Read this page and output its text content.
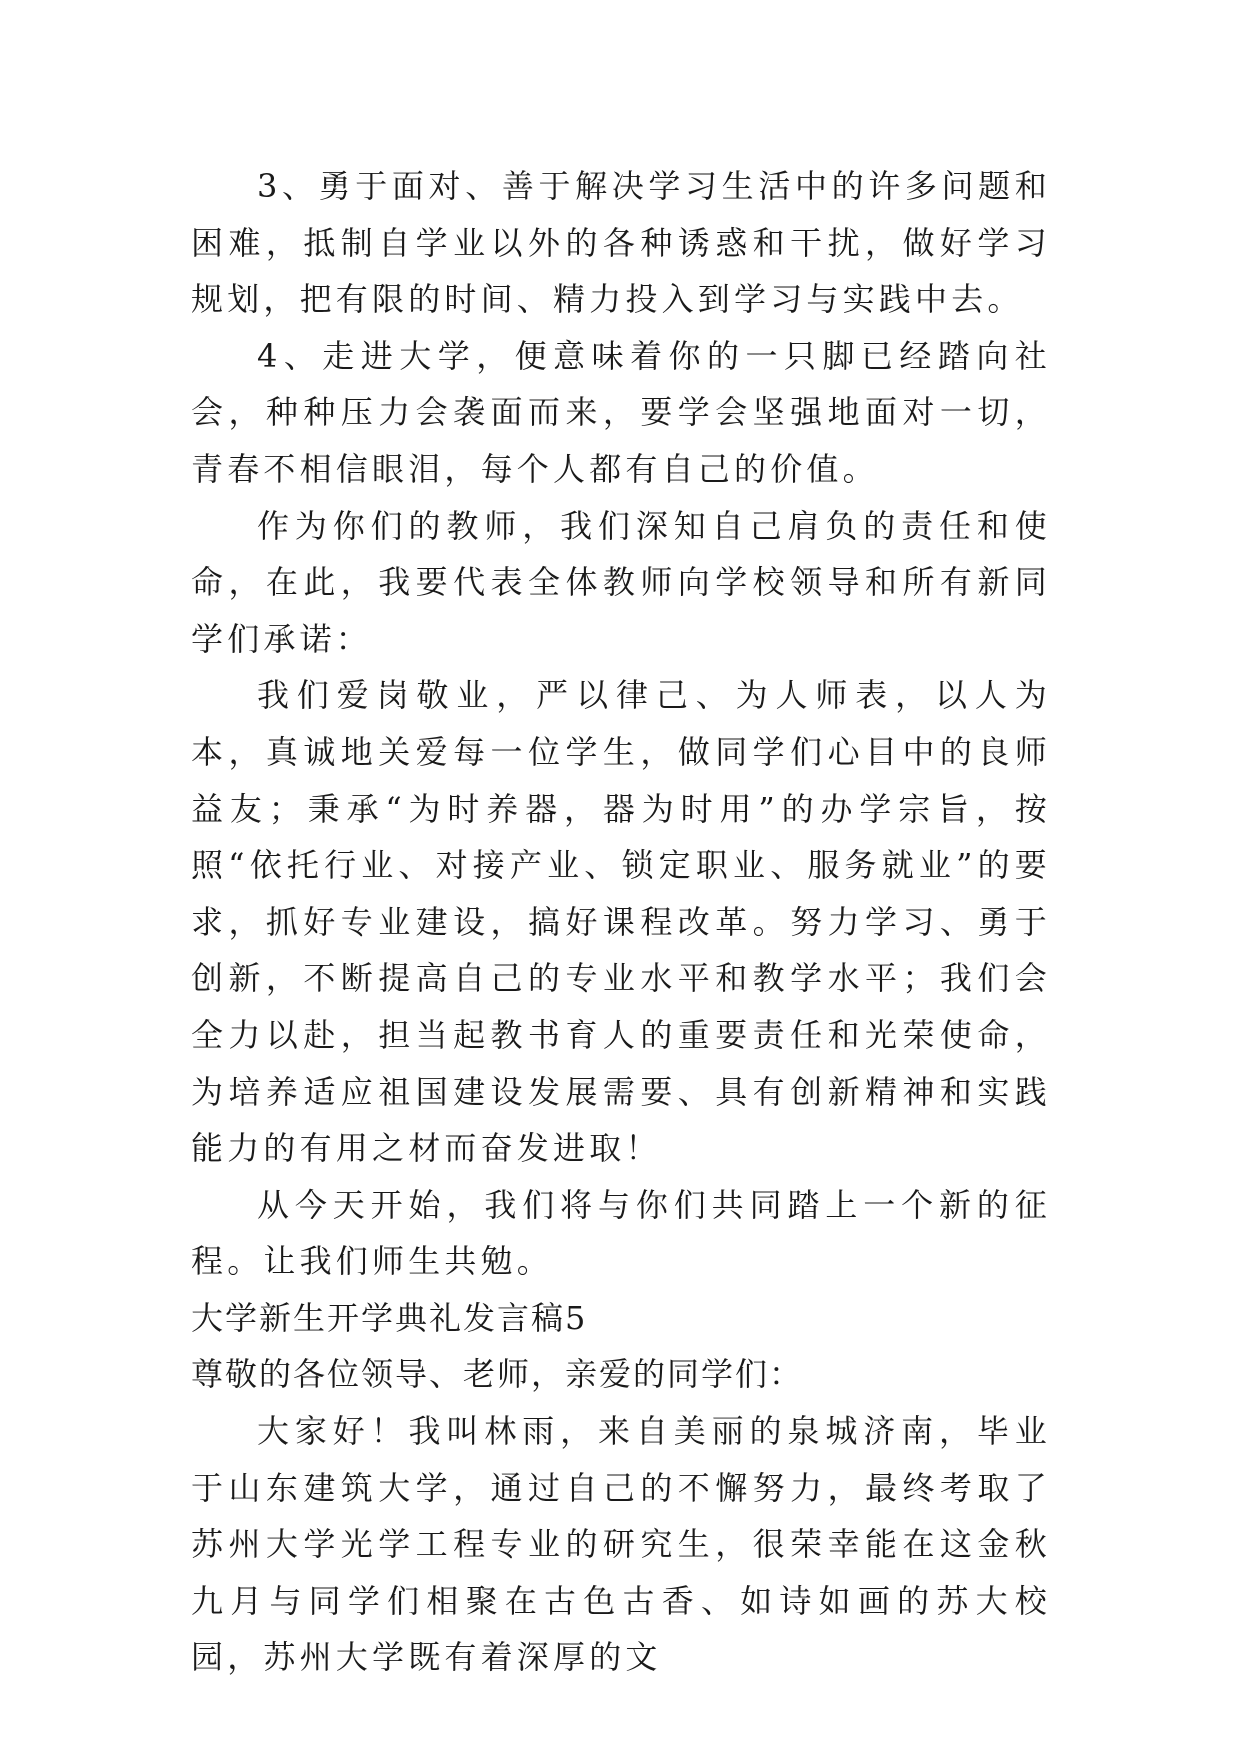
3、勇于面对、善于解决学习生活中的许多问题和困难，抵制自学业以外的各种诱惑和干扰，做好学习规划，把有限的时间、精力投入到学习与实践中去。

4、走进大学，便意味着你的一只脚已经踏向社会，种种压力会袭面而来，要学会坚强地面对一切，青春不相信眼泪，每个人都有自己的价值。

作为你们的教师，我们深知自己肩负的责任和使命，在此，我要代表全体教师向学校领导和所有新同学们承诺：

我们爱岗敬业，严以律己、为人师表，以人为本，真诚地关爱每一位学生，做同学们心目中的良师益友；秉承“为时养器，器为时用”的办学宗旨，按照“依托行业、对接产业、锁定职业、服务就业”的要求，抓好专业建设，搞好课程改革。努力学习、勇于创新，不断提高自己的专业水平和教学水平；我们会全力以赴，担当起教书育人的重要责任和光荣使命，为培养适应祖国建设发展需要、具有创新精神和实践能力的有用之材而奋发进取！

从今天开始，我们将与你们共同踏上一个新的征程。让我们师生共勉。

大学新生开学典礼发言稿5

尊敬的各位领导、老师，亲爱的同学们：

大家好！我叫林雨，来自美丽的泉城济南，毕业于山东建筑大学，通过自己的不懈努力，最终考取了苏州大学光学工程专业的研究生，很荣幸能在这金秋九月与同学们相聚在古色古香、如诗如画的苏大校园，苏州大学既有着深厚的文
